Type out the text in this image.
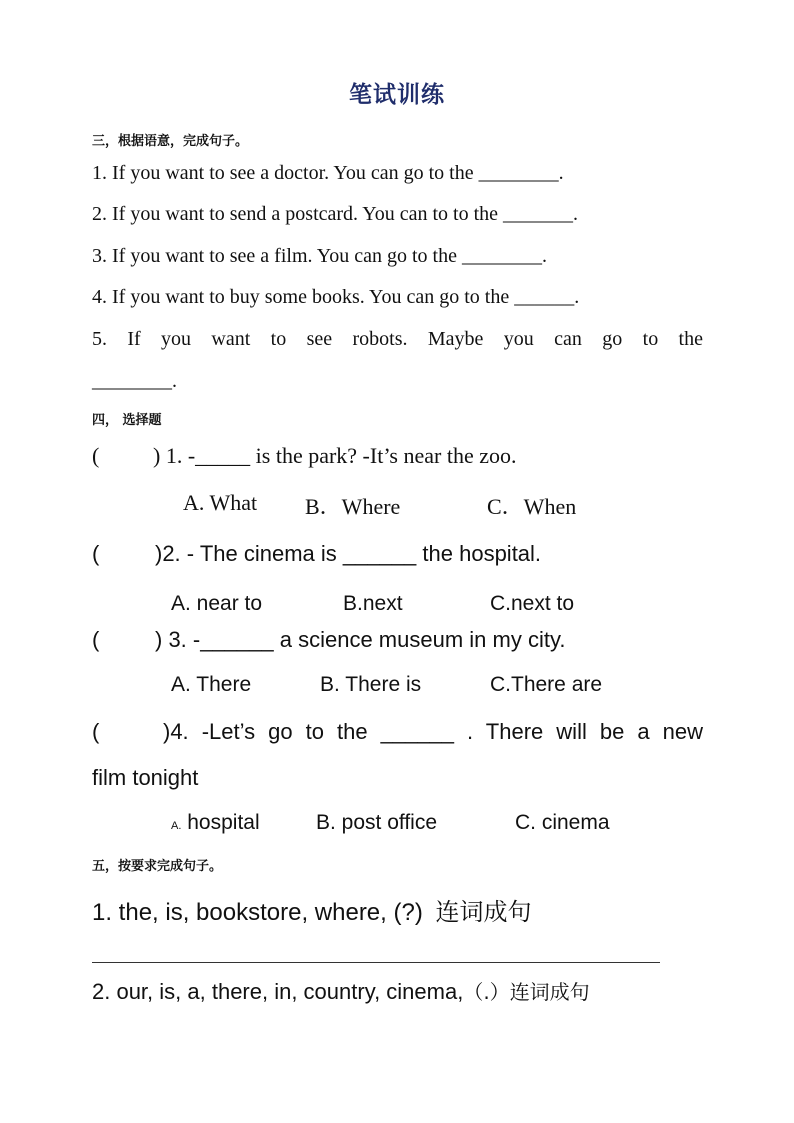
笔试训练
三，根据语意，完成句子。
1. If you want to see a doctor. You can go to the ________.
2. If you want to send a postcard. You can to to the _______.
3. If you want to see a film. You can go to the ________.
4. If you want to buy some books. You can go to the ______.
5. If you want to see robots. Maybe you can go to the
________.
四， 选择题
( ) 1. -_____ is the park? -It’s near the zoo.
A. What B．Where	C．When
(	)2. - The cinema is ______ the hospital.
A. near to	B.next	C.next to
(	) 3. -______ a science museum in my city.
A. There	B. There is	C.There are
(	)4. -Let’s go to the ______ . There will be a new
film tonight
A. hospital	B. post office	C. cinema
五，按要求完成句子。
1. the, is, bookstore, where, (?) 连词成句
2. our, is, a, there, in, country, cinema,（.）连词成句
